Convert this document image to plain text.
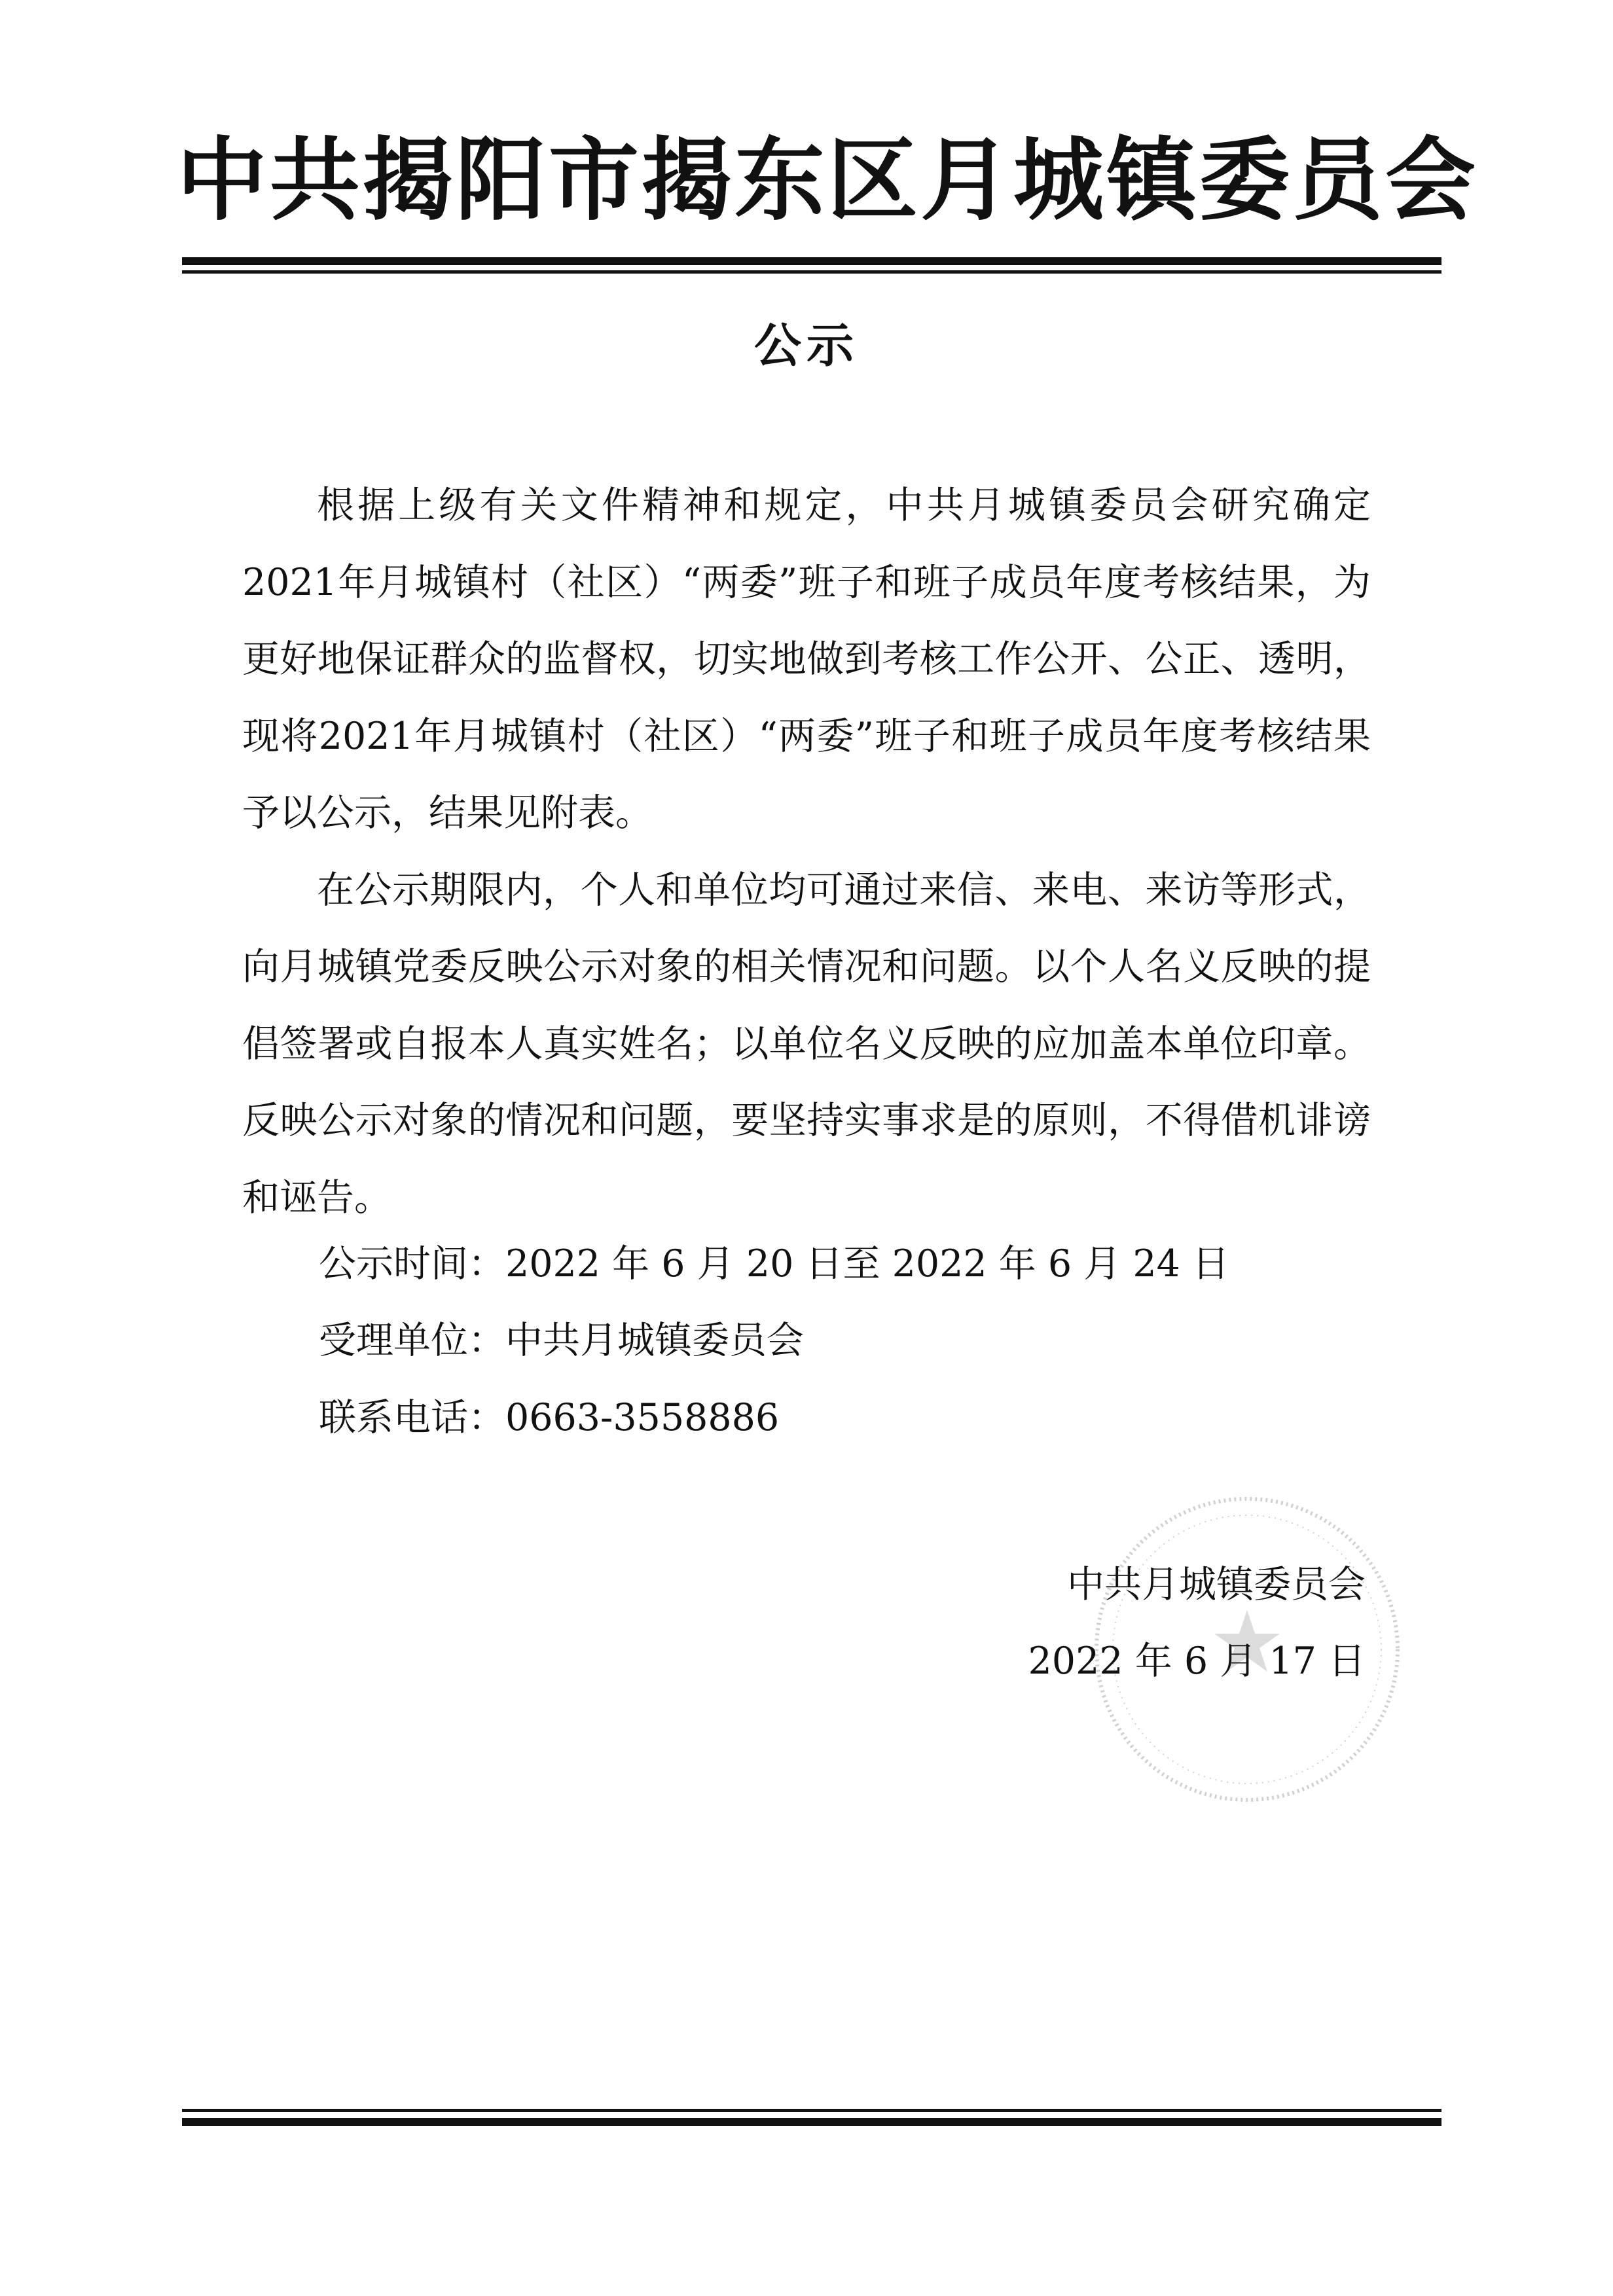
中共揭阳市揭东区月城镇委员会
公示

根据上级有关文件精神和规定，中共月城镇委员会研究确定2021年月城镇村（社区）“两委”班子和班子成员年度考核结果，为更好地保证群众的监督权，切实地做到考核工作公开、公正、透明，现将2021年月城镇村（社区）“两委”班子和班子成员年度考核结果予以公示，结果见附表。

在公示期限内，个人和单位均可通过来信、来电、来访等形式，向月城镇党委反映公示对象的相关情况和问题。以个人名义反映的提倡签署或自报本人真实姓名；以单位名义反映的应加盖本单位印章。反映公示对象的情况和问题，要坚持实事求是的原则，不得借机诽谤和诬告。

公示时间：2022 年 6 月 20 日至 2022 年 6 月 24 日
受理单位：中共月城镇委员会
联系电话：0663-3558886
中共月城镇委员会
2022 年 6 月 17 日
